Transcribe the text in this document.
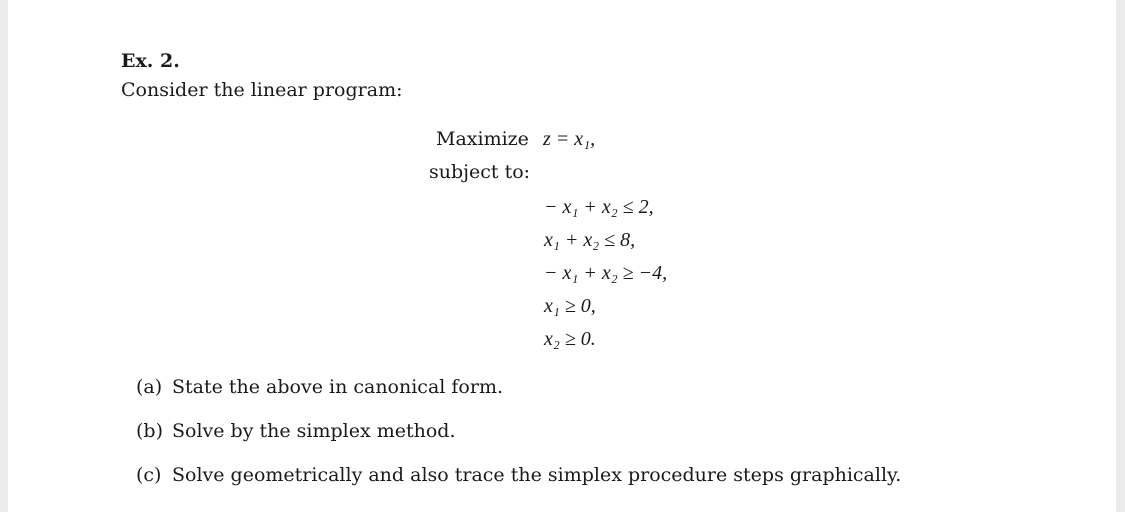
Ex. 2.
Consider the linear program:
Maximize z = x₁,
subject to:
− x₁ + x₂ ≤ 2,
x₁ + x₂ ≤ 8,
− x₁ + x₂ ≥ −4,
x₁ ≥ 0,
x₂ ≥ 0.
(a) State the above in canonical form.
(b) Solve by the simplex method.
(c) Solve geometrically and also trace the simplex procedure steps graphically.
